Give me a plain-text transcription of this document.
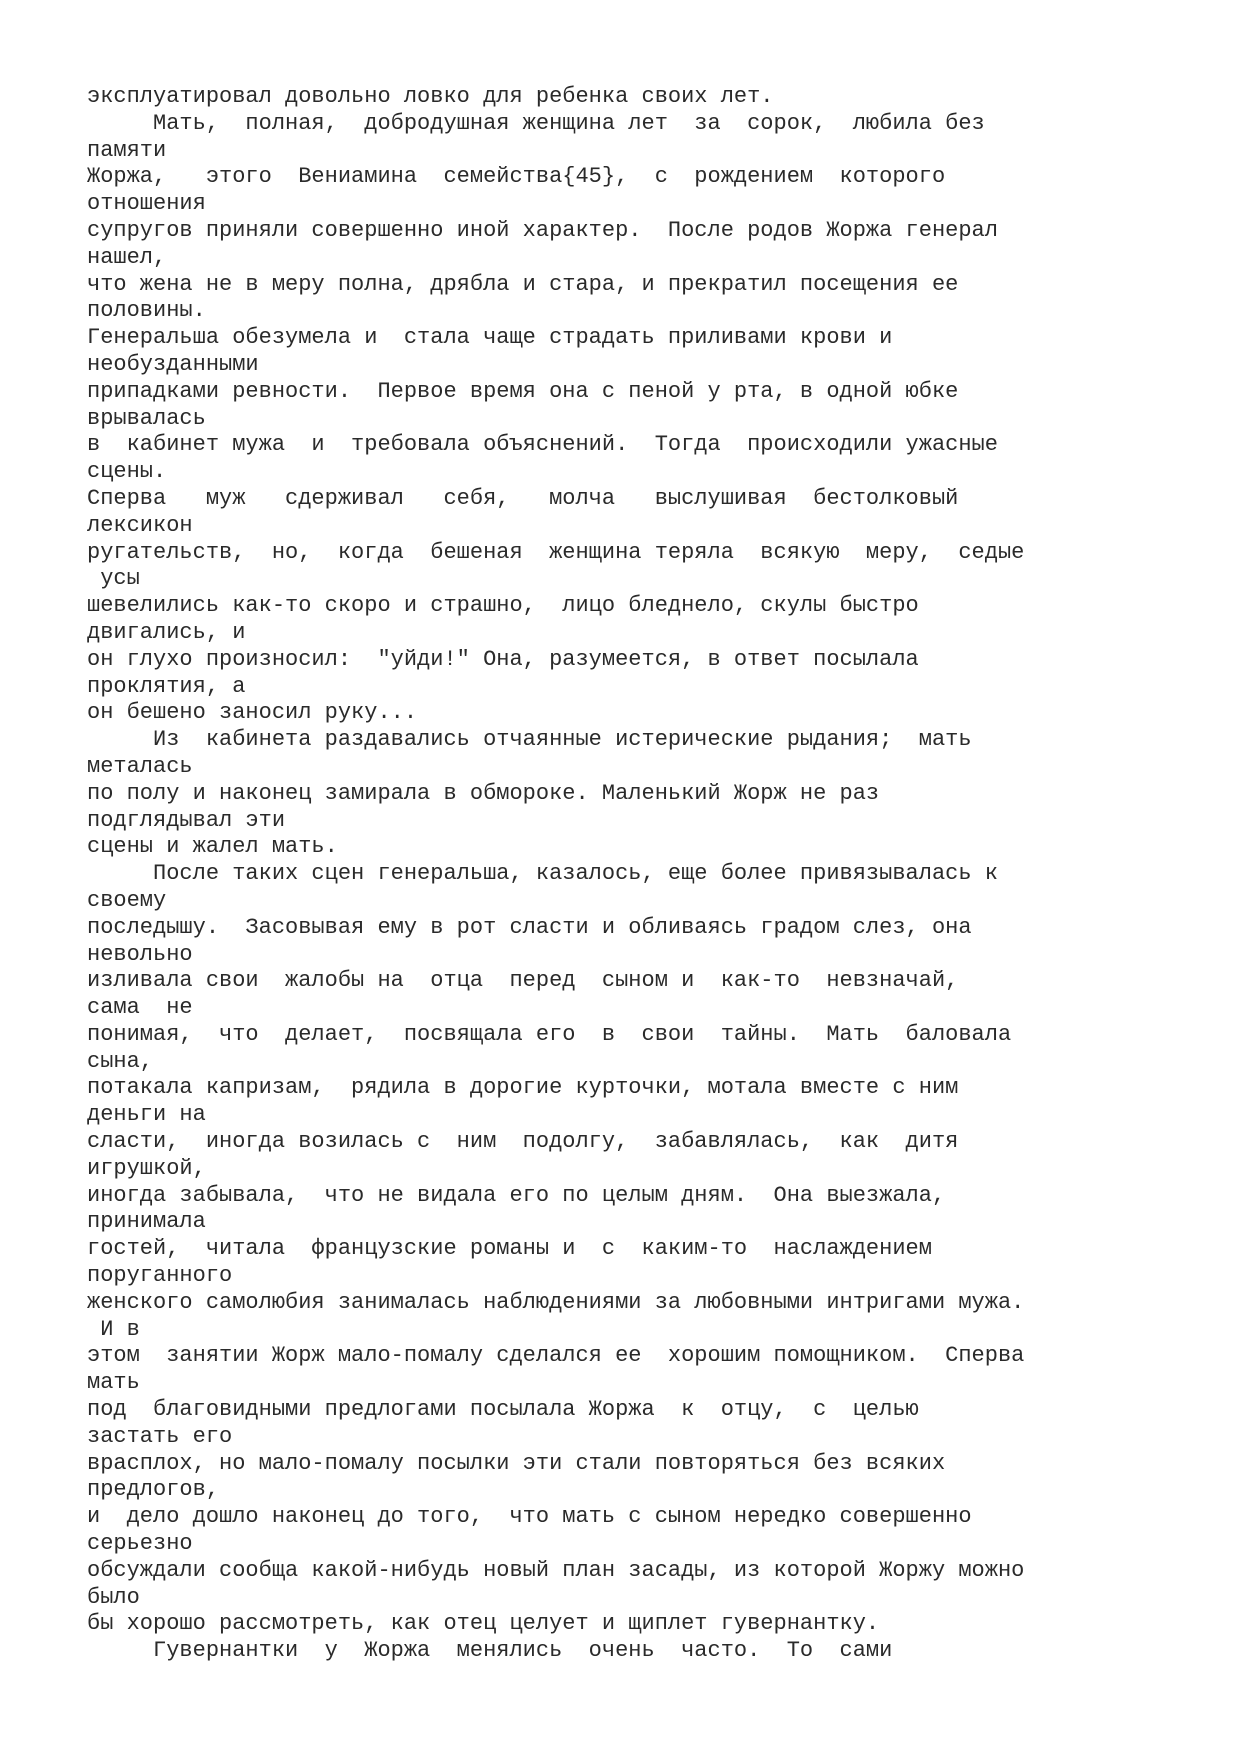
эксплуатировал довольно ловко для ребенка своих лет.
Мать,  полная,  добродушная женщина лет  за  сорок,  любила без
памяти
Жоржа,   этого  Вениамина  семейства{45},  с  рождением  которого
отношения
супругов приняли совершенно иной характер.  После родов Жоржа генерал
нашел,
что жена не в меру полна, дрябла и стара, и прекратил посещения ее
половины.
Генеральша обезумела и  стала чаще страдать приливами крови и
необузданными
припадками ревности.  Первое время она с пеной у рта, в одной юбке
врывалась
в  кабинет мужа  и  требовала объяснений.  Тогда  происходили ужасные
сцены.
Сперва   муж   сдерживал   себя,   молча   выслушивая  бестолковый
лексикон
ругательств,  но,  когда  бешеная  женщина теряла  всякую  меру,  седые
усы
шевелились как-то скоро и страшно,  лицо бледнело, скулы быстро
двигались, и
он глухо произносил:  "уйди!" Она, разумеется, в ответ посылала
проклятия, а
он бешено заносил руку...
Из  кабинета раздавались отчаянные истерические рыдания;  мать
металась
по полу и наконец замирала в обмороке. Маленький Жорж не раз
подглядывал эти
сцены и жалел мать.
После таких сцен генеральша, казалось, еще более привязывалась к
своему
последышу.  Засовывая ему в рот сласти и обливаясь градом слез, она
невольно
изливала свои  жалобы на  отца  перед  сыном и  как-то  невзначай,
сама  не
понимая,  что  делает,  посвящала его  в  свои  тайны.  Мать  баловала
сына,
потакала капризам,  рядила в дорогие курточки, мотала вместе с ним
деньги на
сласти,  иногда возилась с  ним  подолгу,  забавлялась,  как  дитя
игрушкой,
иногда забывала,  что не видала его по целым дням.  Она выезжала,
принимала
гостей,  читала  французские романы и  с  каким-то  наслаждением
поруганного
женского самолюбия занималась наблюдениями за любовными интригами мужа.
И в
этом  занятии Жорж мало-помалу сделался ее  хорошим помощником.  Сперва
мать
под  благовидными предлогами посылала Жоржа  к  отцу,  с  целью
застать его
врасплох, но мало-помалу посылки эти стали повторяться без всяких
предлогов,
и  дело дошло наконец до того,  что мать с сыном нередко совершенно
серьезно
обсуждали сообща какой-нибудь новый план засады, из которой Жоржу можно
было
бы хорошо рассмотреть, как отец целует и щиплет гувернантку.
Гувернантки  у  Жоржа  менялись  очень  часто.  То  сами
